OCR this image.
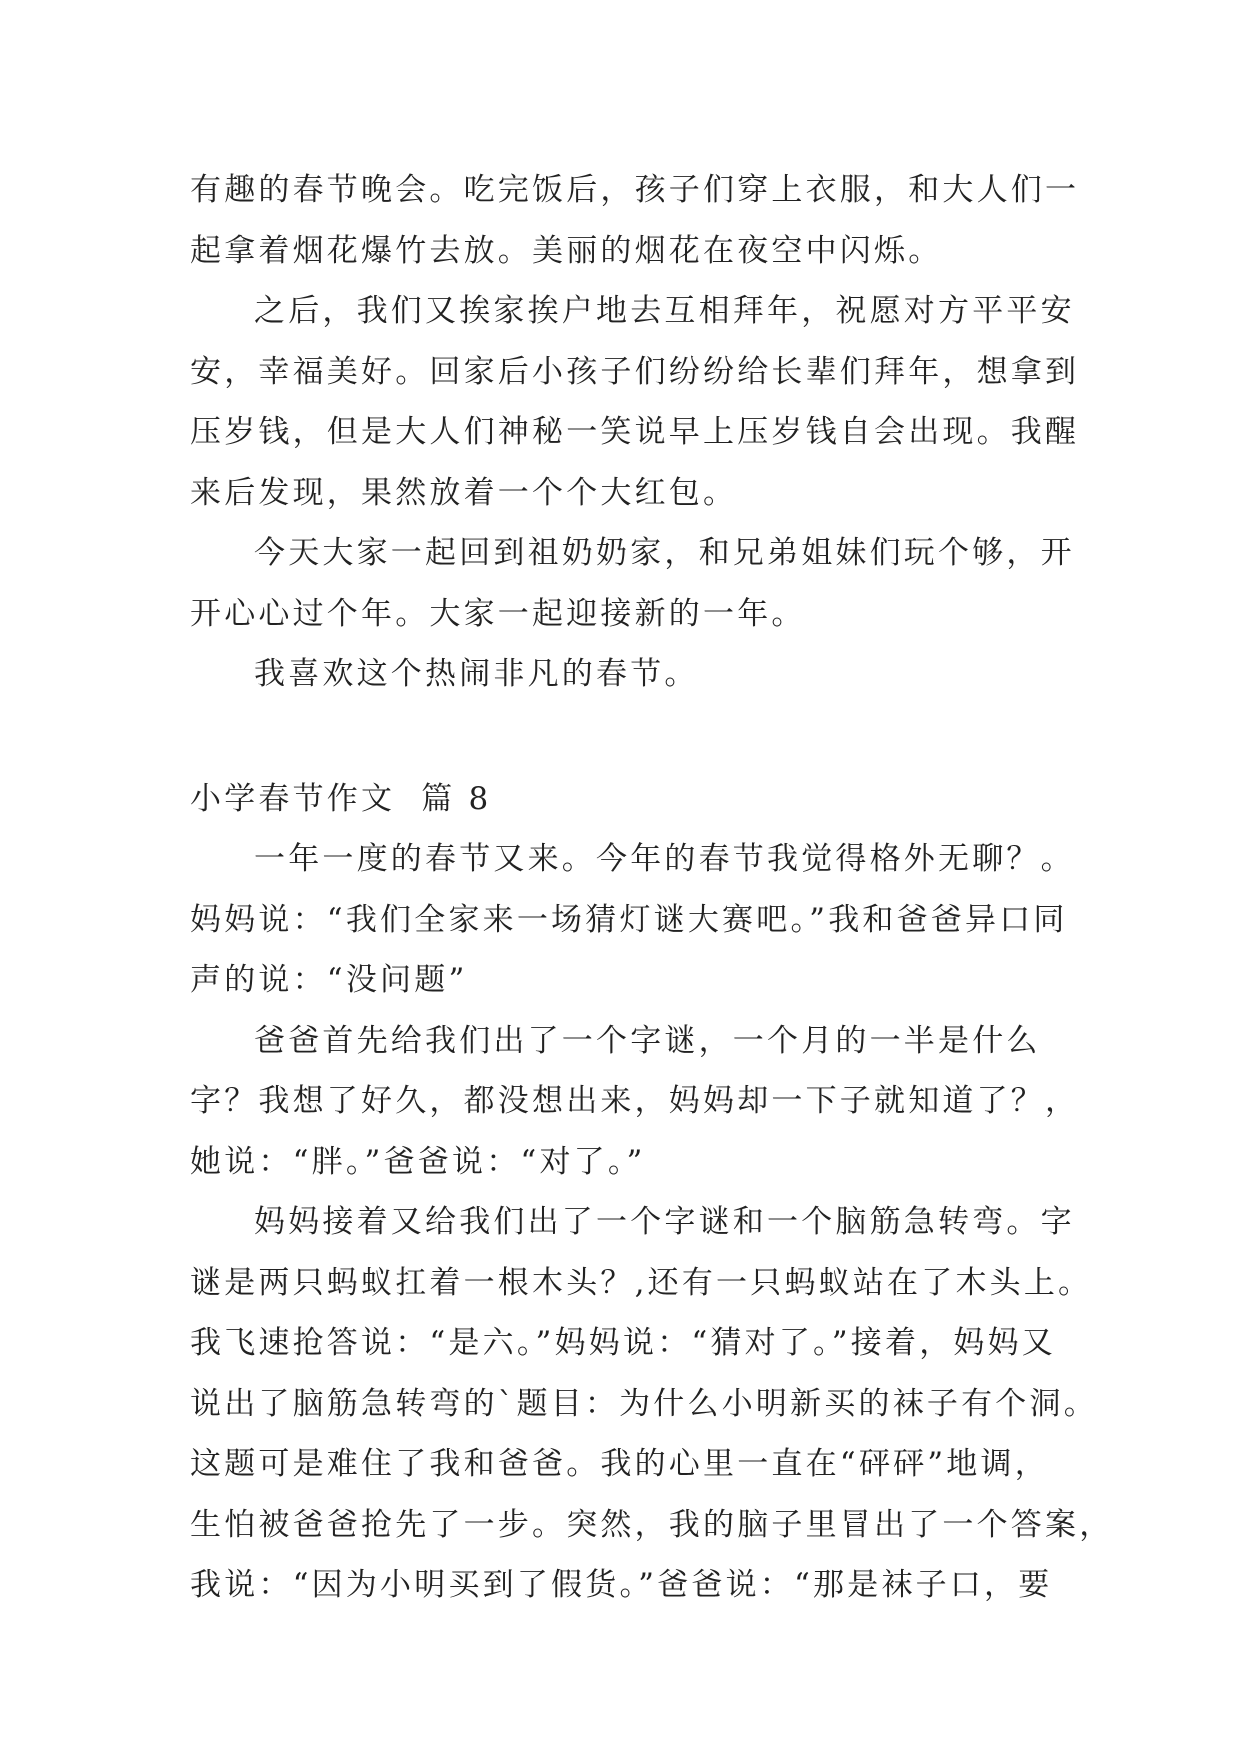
有趣的春节晚会。吃完饭后，孩子们穿上衣服，和大人们一
起拿着烟花爆竹去放。美丽的烟花在夜空中闪烁。

之后，我们又挨家挨户地去互相拜年，祝愿对方平平安
安，幸福美好。回家后小孩子们纷纷给长辈们拜年，想拿到
压岁钱，但是大人们神秘一笑说早上压岁钱自会出现。我醒
来后发现，果然放着一个个大红包。

今天大家一起回到祖奶奶家，和兄弟姐妹们玩个够，开
开心心过个年。大家一起迎接新的一年。

我喜欢这个热闹非凡的春节。

小学春节作文  篇 8

一年一度的春节又来。今年的春节我觉得格外无聊？。
妈妈说：“我们全家来一场猜灯谜大赛吧。”我和爸爸异口同
声的说：“没问题”

爸爸首先给我们出了一个字谜，一个月的一半是什么
字？我想了好久，都没想出来，妈妈却一下子就知道了？，
她说：“胖。”爸爸说：“对了。”

妈妈接着又给我们出了一个字谜和一个脑筋急转弯。字
谜是两只蚂蚁扛着一根木头？,还有一只蚂蚁站在了木头上。
我飞速抢答说：“是六。”妈妈说：“猜对了。”接着，妈妈又
说出了脑筋急转弯的`题目：为什么小明新买的袜子有个洞。
这题可是难住了我和爸爸。我的心里一直在“砰砰”地调，
生怕被爸爸抢先了一步。突然，我的脑子里冒出了一个答案，
我说：“因为小明买到了假货。”爸爸说：“那是袜子口，要
